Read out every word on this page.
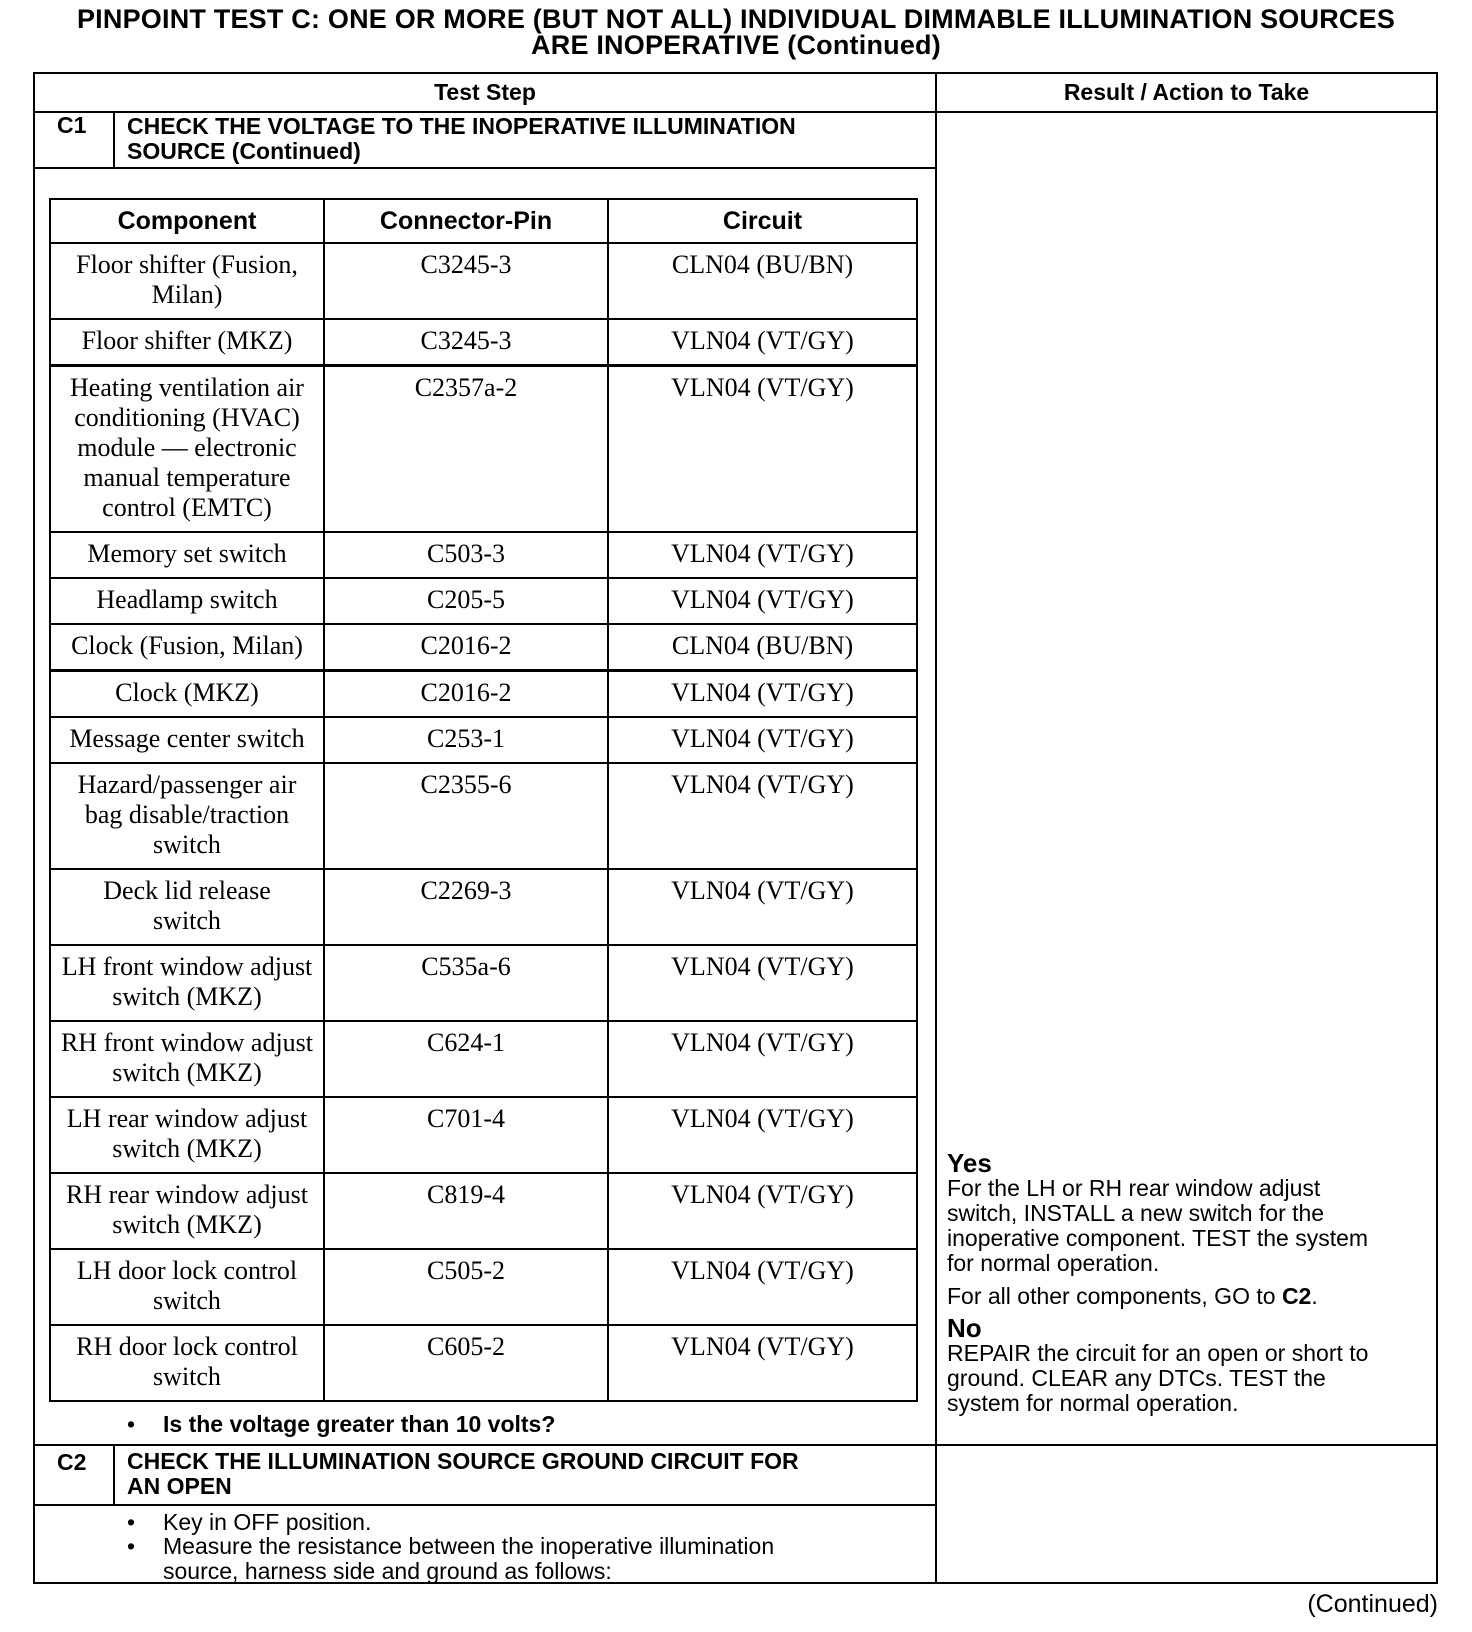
PINPOINT TEST C: ONE OR MORE (BUT NOT ALL) INDIVIDUAL DIMMABLE ILLUMINATION SOURCES
ARE INOPERATIVE (Continued)
Test Step	Result / Action to Take
C1 CHECK THE VOLTAGE TO THE INOPERATIVE ILLUMINATION
SOURCE (Continued)
Component	Connector-Pin	Circuit
Floor shifter (Fusion, Milan)	C3245-3	CLN04 (BU/BN)
Floor shifter (MKZ)	C3245-3	VLN04 (VT/GY)
Heating ventilation air conditioning (HVAC) module — electronic manual temperature control (EMTC)	C2357a-2	VLN04 (VT/GY)
Memory set switch	C503-3	VLN04 (VT/GY)
Headlamp switch	C205-5	VLN04 (VT/GY)
Clock (Fusion, Milan)	C2016-2	CLN04 (BU/BN)
Clock (MKZ)	C2016-2	VLN04 (VT/GY)
Message center switch	C253-1	VLN04 (VT/GY)
Hazard/passenger air bag disable/traction switch	C2355-6	VLN04 (VT/GY)
Deck lid release switch	C2269-3	VLN04 (VT/GY)
LH front window adjust switch (MKZ)	C535a-6	VLN04 (VT/GY)
RH front window adjust switch (MKZ)	C624-1	VLN04 (VT/GY)
LH rear window adjust switch (MKZ)	C701-4	VLN04 (VT/GY)
RH rear window adjust switch (MKZ)	C819-4	VLN04 (VT/GY)
LH door lock control switch	C505-2	VLN04 (VT/GY)
RH door lock control switch	C605-2	VLN04 (VT/GY)
• Is the voltage greater than 10 volts?
Yes
For the LH or RH rear window adjust
switch, INSTALL a new switch for the
inoperative component. TEST the system
for normal operation.
For all other components, GO to C2.
No
REPAIR the circuit for an open or short to
ground. CLEAR any DTCs. TEST the
system for normal operation.
C2 CHECK THE ILLUMINATION SOURCE GROUND CIRCUIT FOR
AN OPEN
• Key in OFF position.
• Measure the resistance between the inoperative illumination
source, harness side and ground as follows:
(Continued)
